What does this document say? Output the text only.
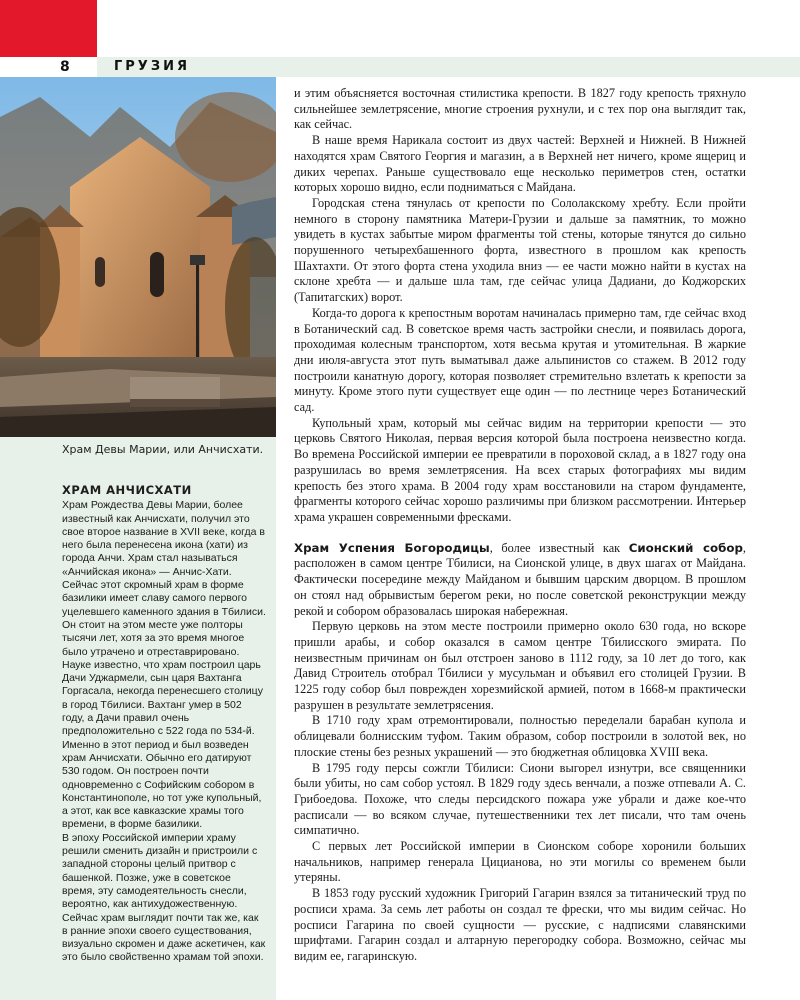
8	ГРУЗИЯ
Храм Девы Марии, или Анчисхати.
ХРАМ АНЧИСХАТИ

Храм Рождества Девы Марии, более известный как Анчисхати, получил это свое второе название в XVII веке, когда в него была перенесена икона (хати) из города Анчи. Храм стал называться «Анчийская икона» — Анчис-Хати.

Сейчас этот скромный храм в форме базилики имеет славу самого первого уцелевшего каменного здания в Тбилиси. Он стоит на этом месте уже полторы тысячи лет, хотя за это время многое было утрачено и отреставрировано.

Науке известно, что храм построил царь Дачи Уджармели, сын царя Вахтанга Горгасала, некогда перенесшего столицу в город Тбилиси. Вахтанг умер в 502 году, а Дачи правил очень предположительно с 522 года по 534-й. Именно в этот период и был возведен храм Анчисхати. Обычно его датируют 530 годом. Он построен почти одновременно с Софийским собором в Константинополе, но тот уже купольный, а этот, как все кавказские храмы того времени, в форме базилики.

В эпоху Российской империи храму решили сменить дизайн и пристроили с западной стороны целый притвор с башенкой. Позже, уже в советское время, эту самодеятельность снесли, вероятно, как антихудожественную. Сейчас храм выглядит почти так же, как в ранние эпохи своего существования, визуально скромен и даже аскетичен, как это было свойственно храмам той эпохи.

и этим объясняется восточная стилистика крепости. В 1827 году крепость тряхнуло сильнейшее землетрясение, многие строения рухнули, и с тех пор она выглядит так, как сейчас.

В наше время Нарикала состоит из двух частей: Верхней и Нижней. В Нижней находятся храм Святого Георгия и магазин, а в Верхней нет ничего, кроме ящериц и диких черепах. Раньше существовало еще несколько периметров стен, остатки которых хорошо видно, если подниматься с Майдана.

Городская стена тянулась от крепости по Сололакскому хребту. Если пройти немного в сторону памятника Матери-Грузии и дальше за памятник, то можно увидеть в кустах забытые миром фрагменты той стены, которые тянутся до сильно порушенного четырехбашенного форта, известного в прошлом как крепость Шахтахти. От этого форта стена уходила вниз — ее части можно найти в кустах на склоне хребта — и дальше шла там, где сейчас улица Дадиани, до Коджорских (Тапитагских) ворот.

Когда-то дорога к крепостным воротам начиналась примерно там, где сейчас вход в Ботанический сад. В советское время часть застройки снесли, и появилась дорога, проходимая колесным транспортом, хотя весьма крутая и утомительная. В жаркие дни июля-августа этот путь выматывал даже альпинистов со стажем. В 2012 году построили канатную дорогу, которая позволяет стремительно взлетать к крепости за минуту. Кроме этого пути существует еще один — по лестнице через Ботанический сад.

Купольный храм, который мы сейчас видим на территории крепости — это церковь Святого Николая, первая версия которой была построена неизвестно когда. Во времена Российской империи ее превратили в пороховой склад, а в 1827 году она разрушилась во время землетрясения. На всех старых фотографиях мы видим крепость без этого храма. В 2004 году храм восстановили на старом фундаменте, фрагменты которого сейчас хорошо различимы при близком рассмотрении. Интерьер храма украшен современными фресками.

Храм Успения Богородицы, более известный как Сионский собор, расположен в самом центре Тбилиси, на Сионской улице, в двух шагах от Майдана. Фактически посередине между Майданом и бывшим царским дворцом. В прошлом он стоял над обрывистым берегом реки, но после советской реконструкции между рекой и собором образовалась широкая набережная.

Первую церковь на этом месте построили примерно около 630 года, но вскоре пришли арабы, и собор оказался в самом центре Тбилисского эмирата. По неизвестным причинам он был отстроен заново в 1112 году, за 10 лет до того, как Давид Строитель отобрал Тбилиси у мусульман и объявил его столицей Грузии. В 1225 году собор был поврежден хорезмийской армией, потом в 1668-м практически разрушен в результате землетрясения.

В 1710 году храм отремонтировали, полностью переделали барабан купола и облицевали болнисским туфом. Таким образом, собор построили в золотой век, но плоские стены без резных украшений — это бюджетная облицовка XVIII века.

В 1795 году персы сожгли Тбилиси: Сиони выгорел изнутри, все священники были убиты, но сам собор устоял. В 1829 году здесь венчали, а позже отпевали А. С. Грибоедова. Похоже, что следы персидского пожара уже убрали и даже кое-что расписали — во всяком случае, путешественники тех лет писали, что там очень симпатично.

С первых лет Российской империи в Сионском соборе хоронили больших начальников, например генерала Цицианова, но эти могилы со временем были утеряны.

В 1853 году русский художник Григорий Гагарин взялся за титанический труд по росписи храма. За семь лет работы он создал те фрески, что мы видим сейчас. Но росписи Гагарина по своей сущности — русские, с надписями славянскими шрифтами. Гагарин создал и алтарную перегородку собора. Возможно, сейчас мы видим ее, гагаринскую.
